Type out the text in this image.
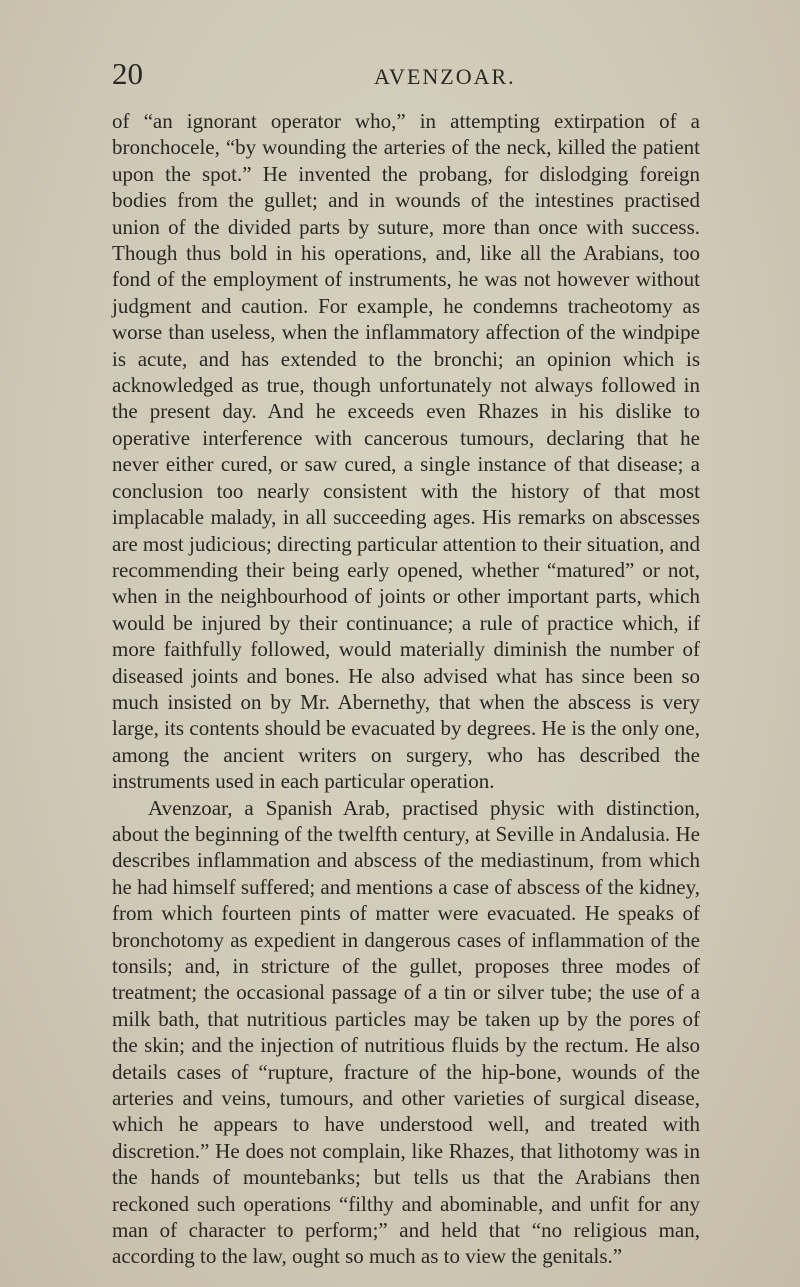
20	AVENZOAR.

of “an ignorant operator who,” in attempting extirpation of a bronchocele, “by wounding the arteries of the neck, killed the patient upon the spot.” He invented the probang, for dislodging foreign bodies from the gullet; and in wounds of the intestines practised union of the divided parts by suture, more than once with success. Though thus bold in his operations, and, like all the Arabians, too fond of the employment of instruments, he was not however without judgment and caution. For example, he condemns tracheotomy as worse than useless, when the inflammatory affection of the windpipe is acute, and has extended to the bronchi; an opinion which is acknowledged as true, though unfortunately not always followed in the present day. And he exceeds even Rhazes in his dislike to operative interference with cancerous tumours, declaring that he never either cured, or saw cured, a single instance of that disease; a conclusion too nearly consistent with the history of that most implacable malady, in all succeeding ages. His remarks on abscesses are most judicious; directing particular attention to their situation, and recommending their being early opened, whether “matured” or not, when in the neighbourhood of joints or other important parts, which would be injured by their continuance; a rule of practice which, if more faithfully followed, would materially diminish the number of diseased joints and bones. He also advised what has since been so much insisted on by Mr. Abernethy, that when the abscess is very large, its contents should be evacuated by degrees. He is the only one, among the ancient writers on surgery, who has described the instruments used in each particular operation.

Avenzoar, a Spanish Arab, practised physic with distinction, about the beginning of the twelfth century, at Seville in Andalusia. He describes inflammation and abscess of the mediastinum, from which he had himself suffered; and mentions a case of abscess of the kidney, from which fourteen pints of matter were evacuated. He speaks of bronchotomy as expedient in dangerous cases of inflammation of the tonsils; and, in stricture of the gullet, proposes three modes of treatment; the occasional passage of a tin or silver tube; the use of a milk bath, that nutritious particles may be taken up by the pores of the skin; and the injection of nutritious fluids by the rectum. He also details cases of “rupture, fracture of the hip-bone, wounds of the arteries and veins, tumours, and other varieties of surgical disease, which he appears to have understood well, and treated with discretion.” He does not complain, like Rhazes, that lithotomy was in the hands of mountebanks; but tells us that the Arabians then reckoned such operations “filthy and abominable, and unfit for any man of character to perform;” and held that “no religious man, according to the law, ought so much as to view the genitals.”
